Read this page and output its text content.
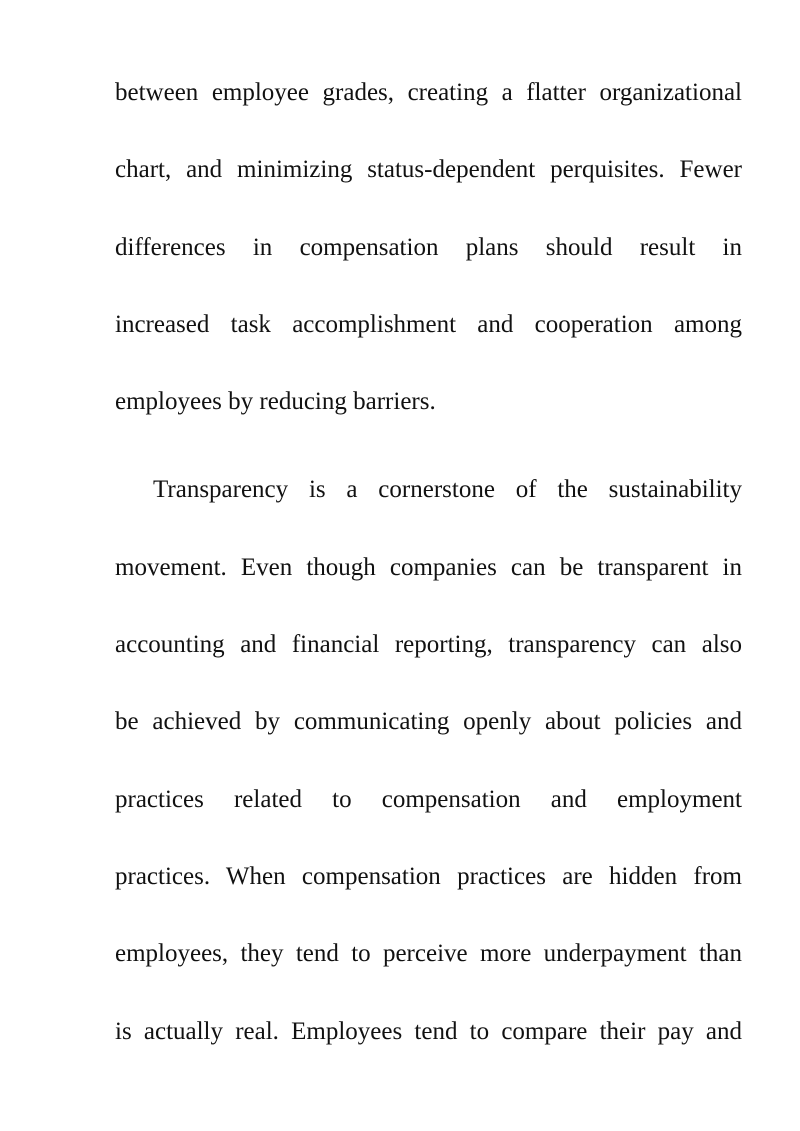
between employee grades, creating a flatter organizational
chart, and minimizing status-dependent perquisites. Fewer
differences in compensation plans should result in
increased task accomplishment and cooperation among
employees by reducing barriers.
Transparency is a cornerstone of the sustainability
movement. Even though companies can be transparent in
accounting and financial reporting, transparency can also
be achieved by communicating openly about policies and
practices related to compensation and employment
practices. When compensation practices are hidden from
employees, they tend to perceive more underpayment than
is actually real. Employees tend to compare their pay and
